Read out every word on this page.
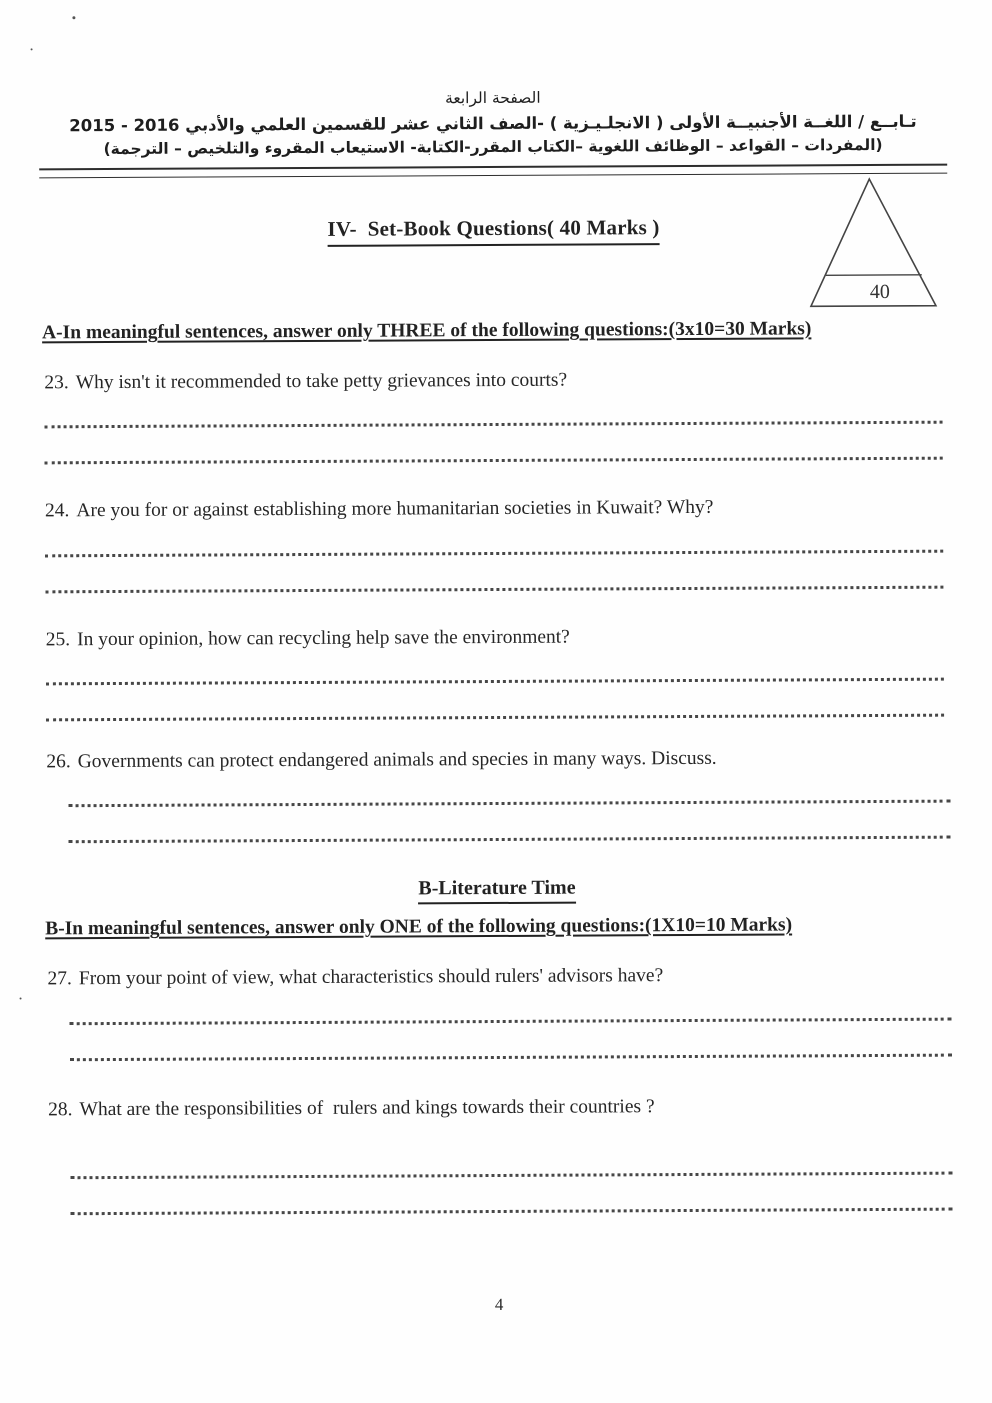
الصفحة الرابعة
تـابــع / اللغــة الأجنبيــة الأولى ( الانجلـيـزية ) -الصف الثاني عشر للقسمين العلمي والأدبي 2016 - 2015
(المفردات – القواعد – الوظائف اللغوية –الكتاب المقرر-الكتابة- الاستيعاب المقروء والتلخيص – الترجمة)
IV-  Set-Book Questions( 40 Marks )
40
A-In meaningful sentences, answer only THREE of the following questions:(3x10=30 Marks)

23. Why isn't it recommended to take petty grievances into courts?

24. Are you for or against establishing more humanitarian societies in Kuwait? Why?

25. In your opinion, how can recycling help save the environment?

26. Governments can protect endangered animals and species in many ways. Discuss.

B-Literature Time
B-In meaningful sentences, answer only ONE of the following questions:(1X10=10 Marks)

27. From your point of view, what characteristics should rulers' advisors have?

28. What are the responsibilities of  rulers and kings towards their countries ?

4
